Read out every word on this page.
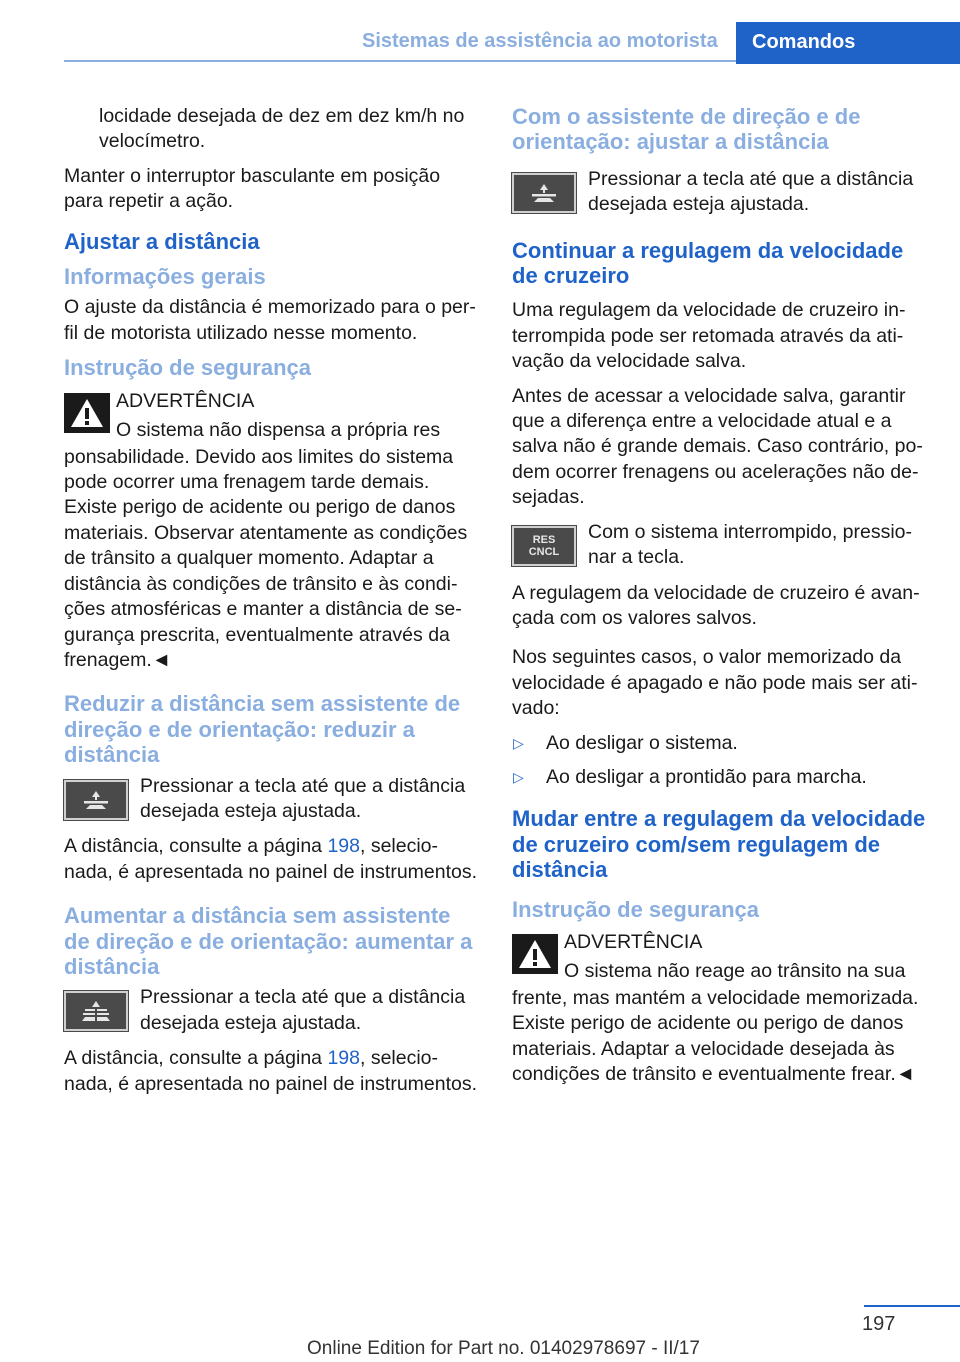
Sistemas de assistência ao motorista	Comandos

locidade desejada de dez em dez km/h no velocímetro.

Manter o interruptor basculante em posição para repetir a ação.

Ajustar a distância
Informações gerais

O ajuste da distância é memorizado para o perfil de motorista utilizado nesse momento.

Instrução de segurança
ADVERTÊNCIA
O sistema não dispensa a própria res
ponsabilidade. Devido aos limites do sistema pode ocorrer uma frenagem tarde demais. Existe perigo de acidente ou perigo de danos materiais. Observar atentamente as condições de trânsito a qualquer momento. Adaptar a distância às condições de trânsito e às condições atmosféricas e manter a distância de segurança prescrita, eventualmente através da frenagem.◄
Reduzir a distância sem assistente de direção e de orientação: reduzir a distância
Pressionar a tecla até que a distância desejada esteja ajustada.

A distância, consulte a página 198, selecionada, é apresentada no painel de instrumentos.

Aumentar a distância sem assistente de direção e de orientação: aumentar a distância
Pressionar a tecla até que a distância desejada esteja ajustada.

A distância, consulte a página 198, selecionada, é apresentada no painel de instrumentos.

Com o assistente de direção e de orientação: ajustar a distância
Pressionar a tecla até que a distância desejada esteja ajustada.
Continuar a regulagem da velocidade de cruzeiro

Uma regulagem da velocidade de cruzeiro interrompida pode ser retomada através da ativação da velocidade salva.

Antes de acessar a velocidade salva, garantir que a diferença entre a velocidade atual e a salva não é grande demais. Caso contrário, podem ocorrer frenagens ou acelerações não desejadas.

RES
CNCL
Com o sistema interrompido, pressionar a tecla.

A regulagem da velocidade de cruzeiro é avançada com os valores salvos.

Nos seguintes casos, o valor memorizado da velocidade é apagado e não pode mais ser ativado:

▷ Ao desligar o sistema.
▷ Ao desligar a prontidão para marcha.
Mudar entre a regulagem da velocidade de cruzeiro com/sem regulagem de distância
Instrução de segurança
ADVERTÊNCIA
O sistema não reage ao trânsito na sua
frente, mas mantém a velocidade memorizada. Existe perigo de acidente ou perigo de danos materiais. Adaptar a velocidade desejada às condições de trânsito e eventualmente frear.◄
197
Online Edition for Part no. 01402978697 - II/17
